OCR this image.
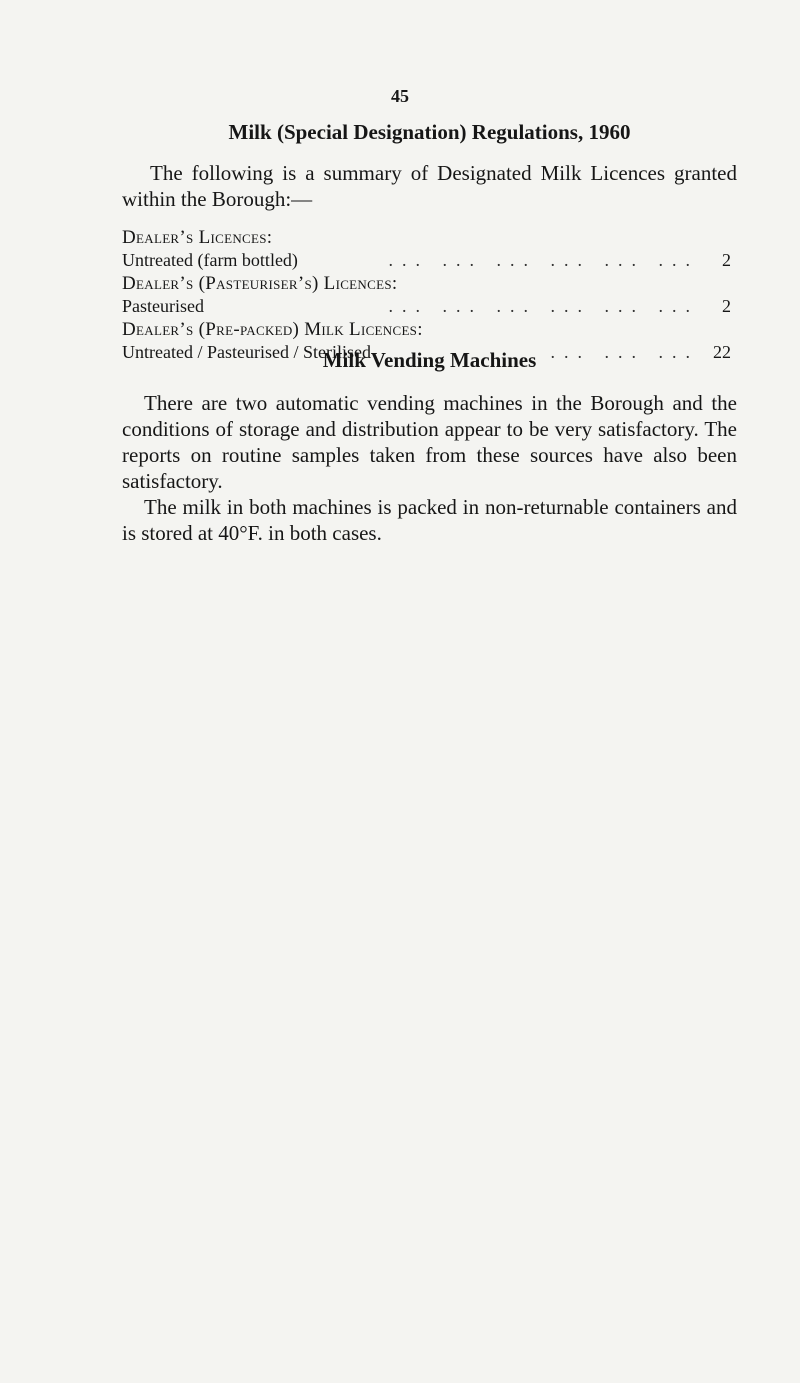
45
Milk (Special Designation) Regulations, 1960

The following is a summary of Designated Milk Licences granted within the Borough:—

Dealer’s Licences:
Untreated (farm bottled)	... ... ... ... ... ...	2
Dealer’s (Pasteuriser’s) Licences:
Pasteurised	... ... ... ... ... ...	2
Dealer’s (Pre-packed) Milk Licences:
Untreated / Pasteurised / Sterilised	... ... ... 22
Milk Vending Machines

There are two automatic vending machines in the Borough and the conditions of storage and distribution appear to be very satisfactory. The reports on routine samples taken from these sources have also been satisfactory.

The milk in both machines is packed in non-returnable containers and is stored at 40°F. in both cases.
